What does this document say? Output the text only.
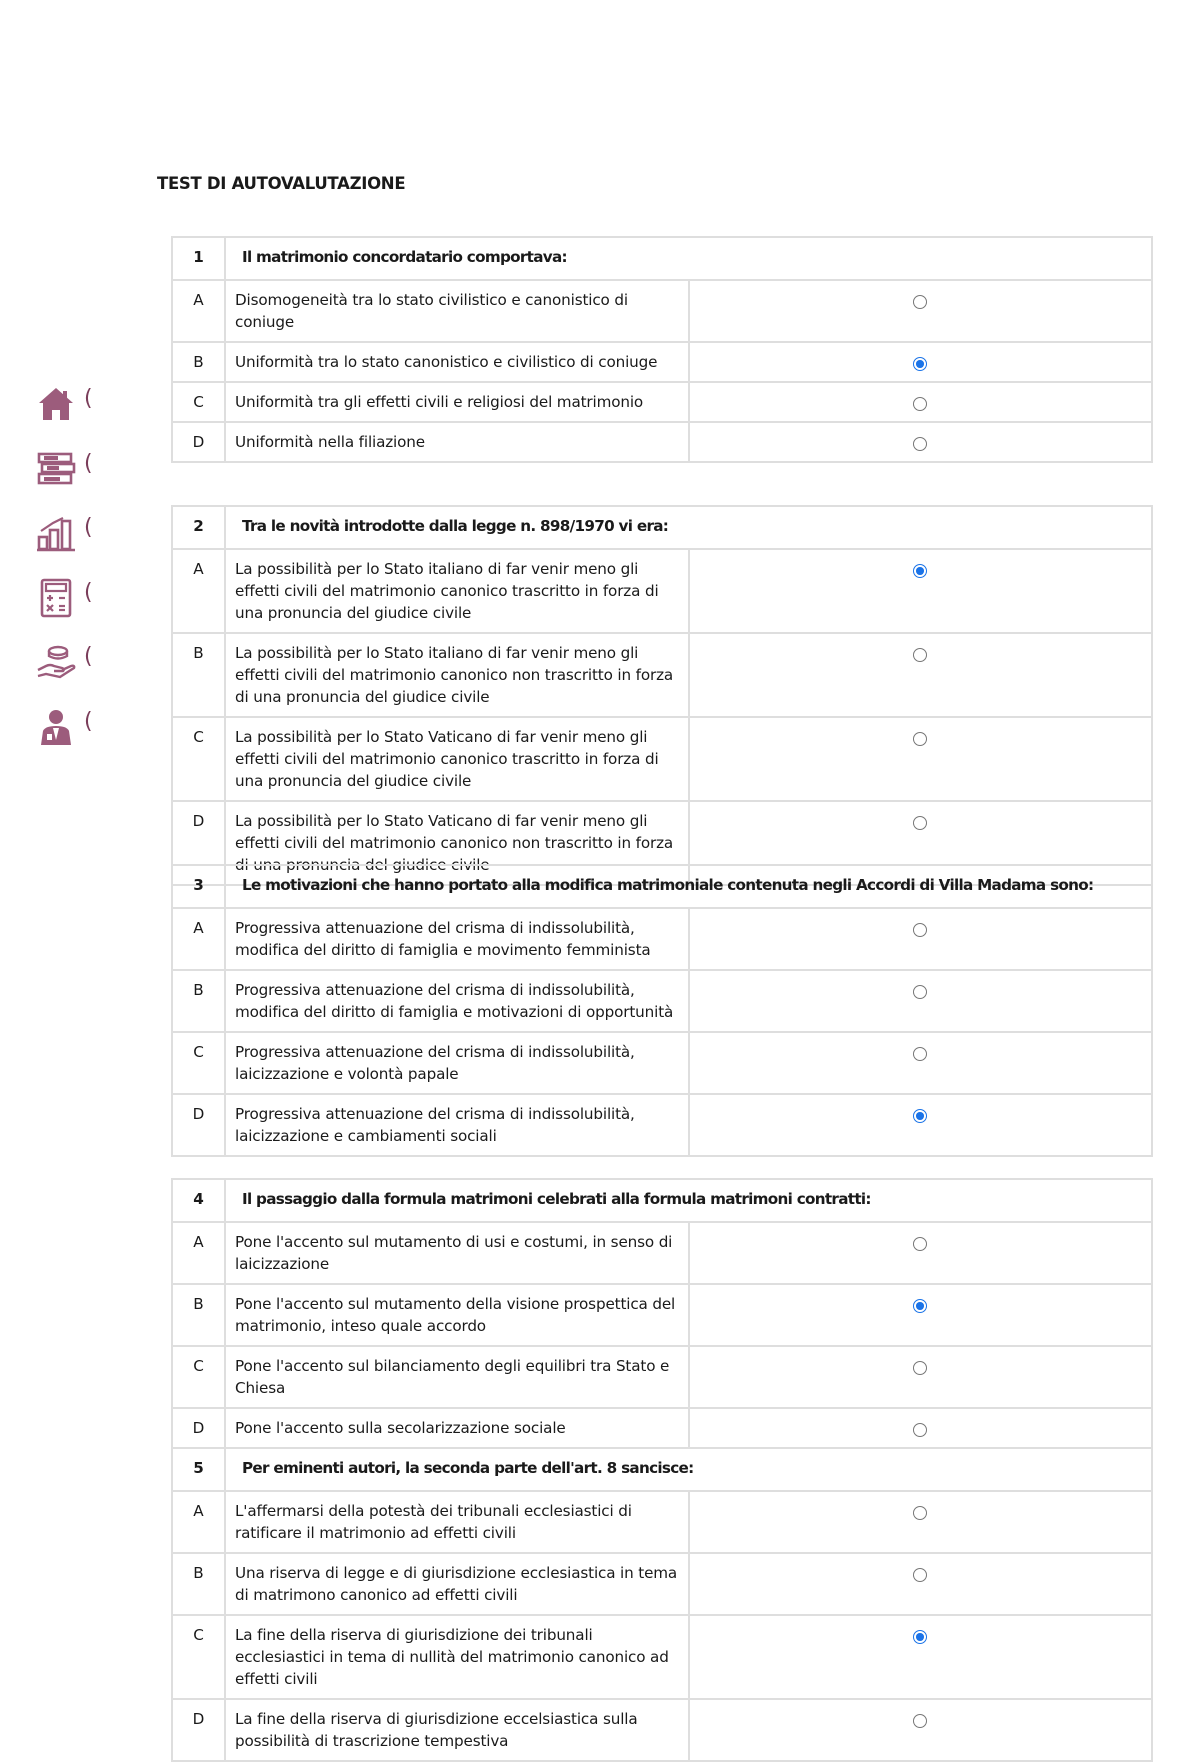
TEST DI AUTOVALUTAZIONE
(
(
(
(
(
(
1	Il matrimonio concordatario comportava:	
A	Disomogeneità tra lo stato civilistico e canonistico di coniuge	
B	Uniformità tra lo stato canonistico e civilistico di coniuge	
C	Uniformità tra gli effetti civili e religiosi del matrimonio	
D	Uniformità nella filiazione	
2	Tra le novità introdotte dalla legge n. 898/1970 vi era:	
A	La possibilità per lo Stato italiano di far venir meno gli effetti civili del matrimonio canonico trascritto in forza di una pronuncia del giudice civile	
B	La possibilità per lo Stato italiano di far venir meno gli effetti civili del matrimonio canonico non trascritto in forza di una pronuncia del giudice civile	
C	La possibilità per lo Stato Vaticano di far venir meno gli effetti civili del matrimonio canonico trascritto in forza di una pronuncia del giudice civile	
D	La possibilità per lo Stato Vaticano di far venir meno gli effetti civili del matrimonio canonico non trascritto in forza di una pronuncia del giudice civile	
3	Le motivazioni che hanno portato alla modifica matrimoniale contenuta negli Accordi di Villa Madama sono:	
A	Progressiva attenuazione del crisma di indissolubilità, modifica del diritto di famiglia e movimento femminista	
B	Progressiva attenuazione del crisma di indissolubilità, modifica del diritto di famiglia e motivazioni di opportunità	
C	Progressiva attenuazione del crisma di indissolubilità, laicizzazione e volontà papale	
D	Progressiva attenuazione del crisma di indissolubilità, laicizzazione e cambiamenti sociali	
4	Il passaggio dalla formula matrimoni celebrati alla formula matrimoni contratti:	
A	Pone l'accento sul mutamento di usi e costumi, in senso di laicizzazione	
B	Pone l'accento sul mutamento della visione prospettica del matrimonio, inteso quale accordo	
C	Pone l'accento sul bilanciamento degli equilibri tra Stato e Chiesa	
D	Pone l'accento sulla secolarizzazione sociale	
5	Per eminenti autori, la seconda parte dell'art. 8 sancisce:	
A	L'affermarsi della potestà dei tribunali ecclesiastici di ratificare il matrimonio ad effetti civili	
B	Una riserva di legge e di giurisdizione ecclesiastica in tema di matrimono canonico ad effetti civili	
C	La fine della riserva di giurisdizione dei tribunali ecclesiastici in tema di nullità del matrimonio canonico ad effetti civili	
D	La fine della riserva di giurisdizione eccelsiastica sulla possibilità di trascrizione tempestiva	
